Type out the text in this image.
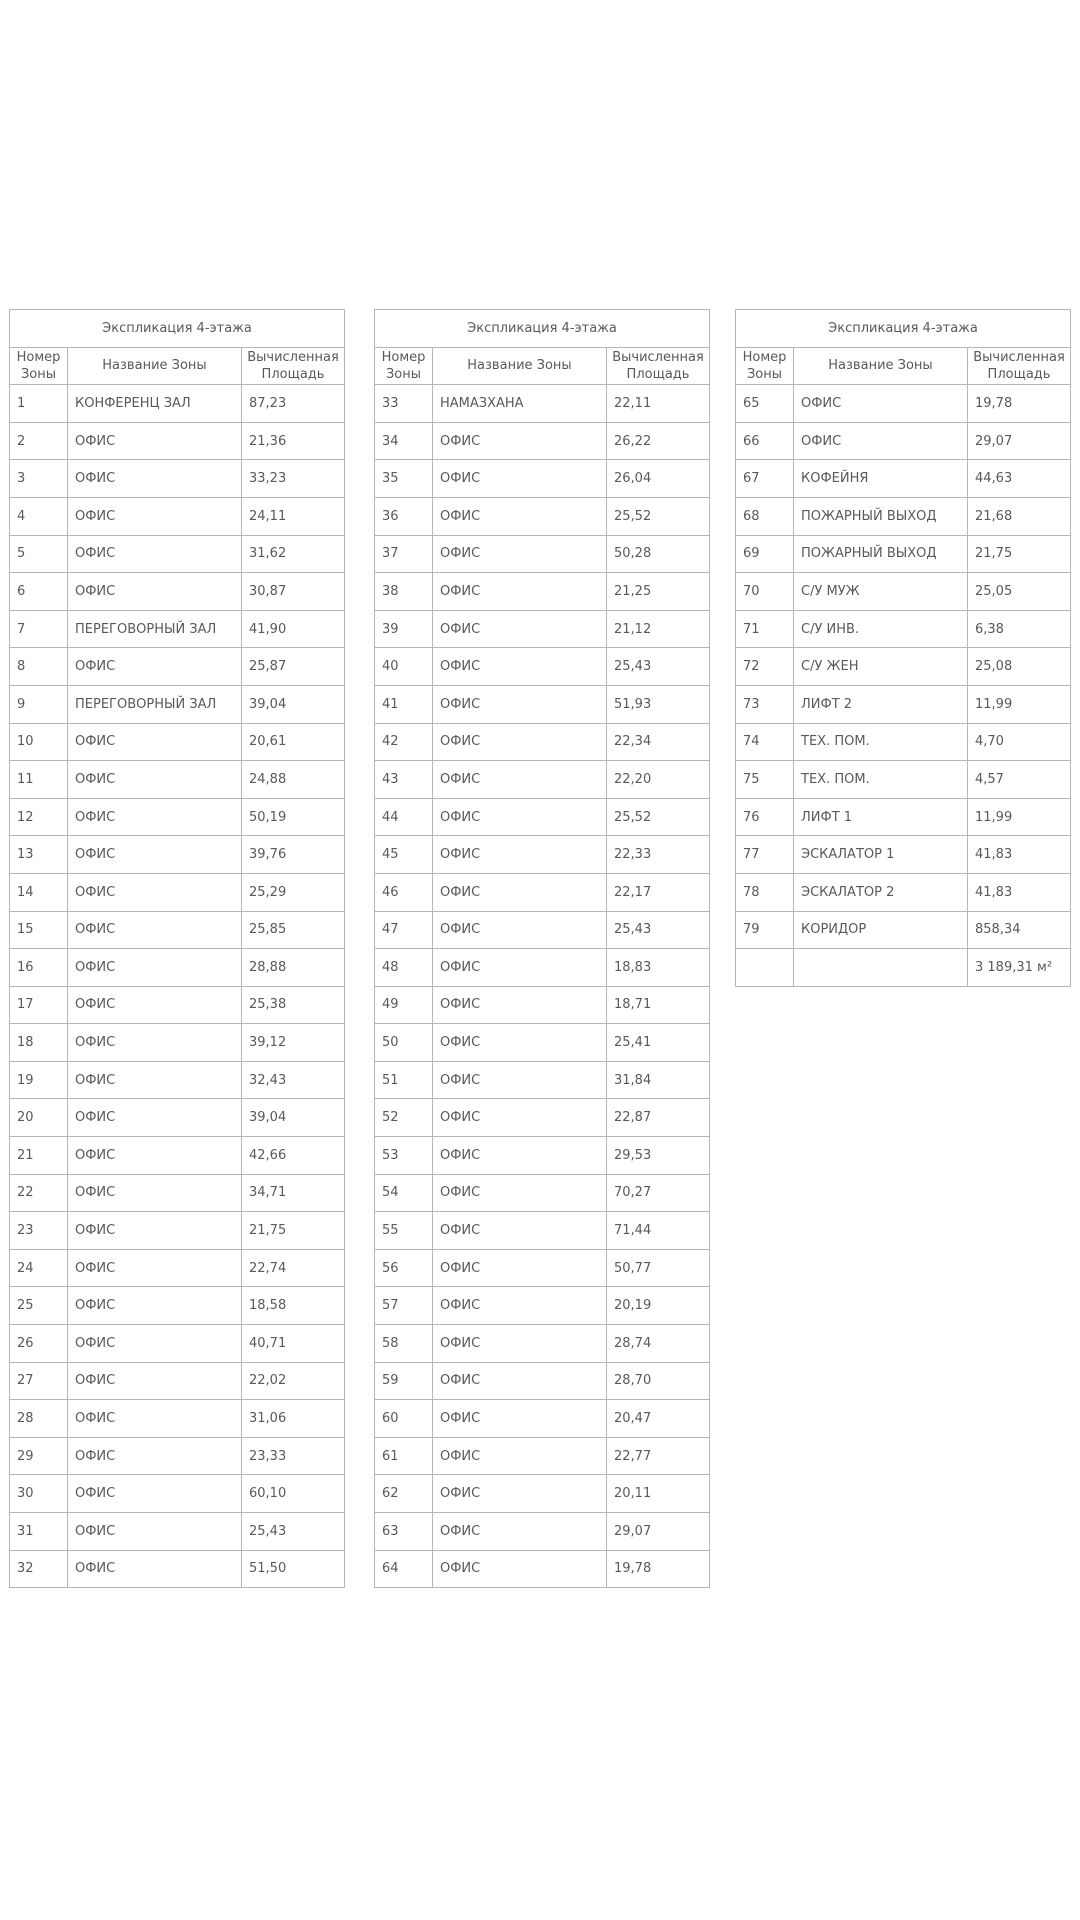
Экспликация 4-этажа		
Номер Зоны	Название Зоны	Вычисленная Площадь
1	КОНФЕРЕНЦ ЗАЛ	87,23
2	ОФИС	21,36
3	ОФИС	33,23
4	ОФИС	24,11
5	ОФИС	31,62
6	ОФИС	30,87
7	ПЕРЕГОВОРНЫЙ ЗАЛ	41,90
8	ОФИС	25,87
9	ПЕРЕГОВОРНЫЙ ЗАЛ	39,04
10	ОФИС	20,61
11	ОФИС	24,88
12	ОФИС	50,19
13	ОФИС	39,76
14	ОФИС	25,29
15	ОФИС	25,85
16	ОФИС	28,88
17	ОФИС	25,38
18	ОФИС	39,12
19	ОФИС	32,43
20	ОФИС	39,04
21	ОФИС	42,66
22	ОФИС	34,71
23	ОФИС	21,75
24	ОФИС	22,74
25	ОФИС	18,58
26	ОФИС	40,71
27	ОФИС	22,02
28	ОФИС	31,06
29	ОФИС	23,33
30	ОФИС	60,10
31	ОФИС	25,43
32	ОФИС	51,50
Экспликация 4-этажа		
Номер Зоны	Название Зоны	Вычисленная Площадь
33	НАМАЗХАНА	22,11
34	ОФИС	26,22
35	ОФИС	26,04
36	ОФИС	25,52
37	ОФИС	50,28
38	ОФИС	21,25
39	ОФИС	21,12
40	ОФИС	25,43
41	ОФИС	51,93
42	ОФИС	22,34
43	ОФИС	22,20
44	ОФИС	25,52
45	ОФИС	22,33
46	ОФИС	22,17
47	ОФИС	25,43
48	ОФИС	18,83
49	ОФИС	18,71
50	ОФИС	25,41
51	ОФИС	31,84
52	ОФИС	22,87
53	ОФИС	29,53
54	ОФИС	70,27
55	ОФИС	71,44
56	ОФИС	50,77
57	ОФИС	20,19
58	ОФИС	28,74
59	ОФИС	28,70
60	ОФИС	20,47
61	ОФИС	22,77
62	ОФИС	20,11
63	ОФИС	29,07
64	ОФИС	19,78
Экспликация 4-этажа		
Номер Зоны	Название Зоны	Вычисленная Площадь
65	ОФИС	19,78
66	ОФИС	29,07
67	КОФЕЙНЯ	44,63
68	ПОЖАРНЫЙ ВЫХОД	21,68
69	ПОЖАРНЫЙ ВЫХОД	21,75
70	С/У МУЖ	25,05
71	С/У ИНВ.	6,38
72	С/У ЖЕН	25,08
73	ЛИФТ 2	11,99
74	ТЕХ. ПОМ.	4,70
75	ТЕХ. ПОМ.	4,57
76	ЛИФТ 1	11,99
77	ЭСКАЛАТОР 1	41,83
78	ЭСКАЛАТОР 2	41,83
79	КОРИДОР	858,34
		3 189,31 м²
